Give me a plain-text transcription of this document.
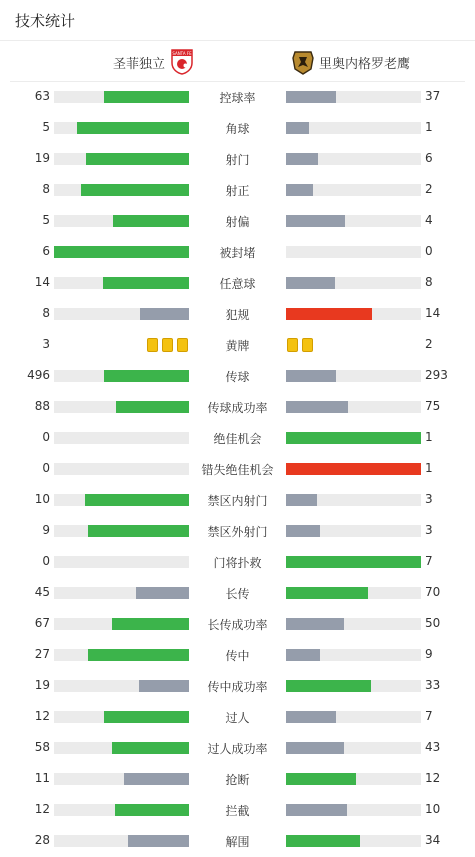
技术统计
圣菲独立
SANTA FE
里奥内格罗老鹰
63	控球率	37
5	角球	1
19	射门	6
8	射正	2
5	射偏	4
6	被封堵	0
14	任意球	8
8	犯规	14
3	黄牌	2
496	传球	293
88	传球成功率	75
0	绝佳机会	1
0	错失绝佳机会	1
10	禁区内射门	3
9	禁区外射门	3
0	门将扑救	7
45	长传	70
67	长传成功率	50
27	传中	9
19	传中成功率	33
12	过人	7
58	过人成功率	43
11	抢断	12
12	拦截	10
28	解围	34
